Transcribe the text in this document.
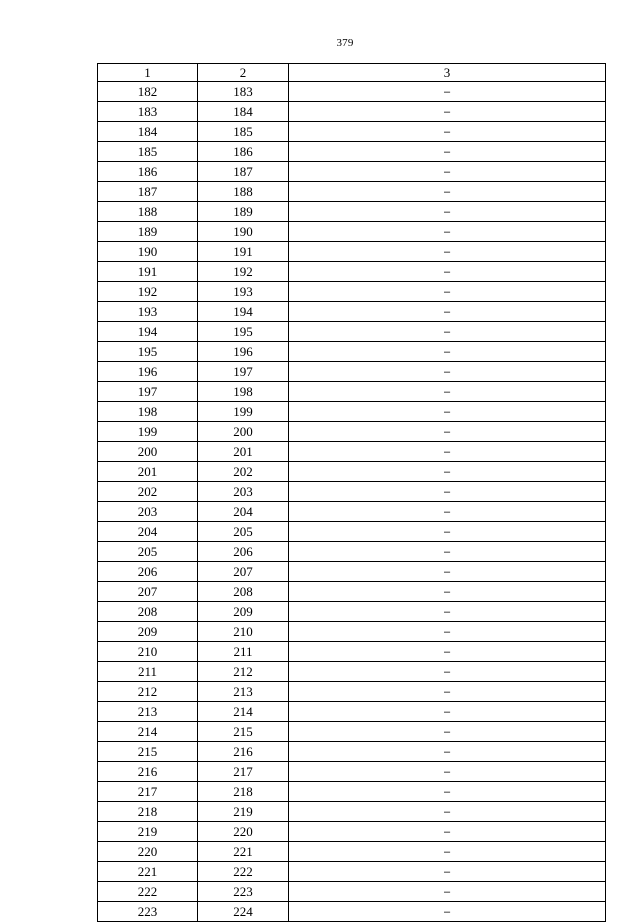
379
1	2	3
182	183	–
183	184	–
184	185	–
185	186	–
186	187	–
187	188	–
188	189	–
189	190	–
190	191	–
191	192	–
192	193	–
193	194	–
194	195	–
195	196	–
196	197	–
197	198	–
198	199	–
199	200	–
200	201	–
201	202	–
202	203	–
203	204	–
204	205	–
205	206	–
206	207	–
207	208	–
208	209	–
209	210	–
210	211	–
211	212	–
212	213	–
213	214	–
214	215	–
215	216	–
216	217	–
217	218	–
218	219	–
219	220	–
220	221	–
221	222	–
222	223	–
223	224	–
